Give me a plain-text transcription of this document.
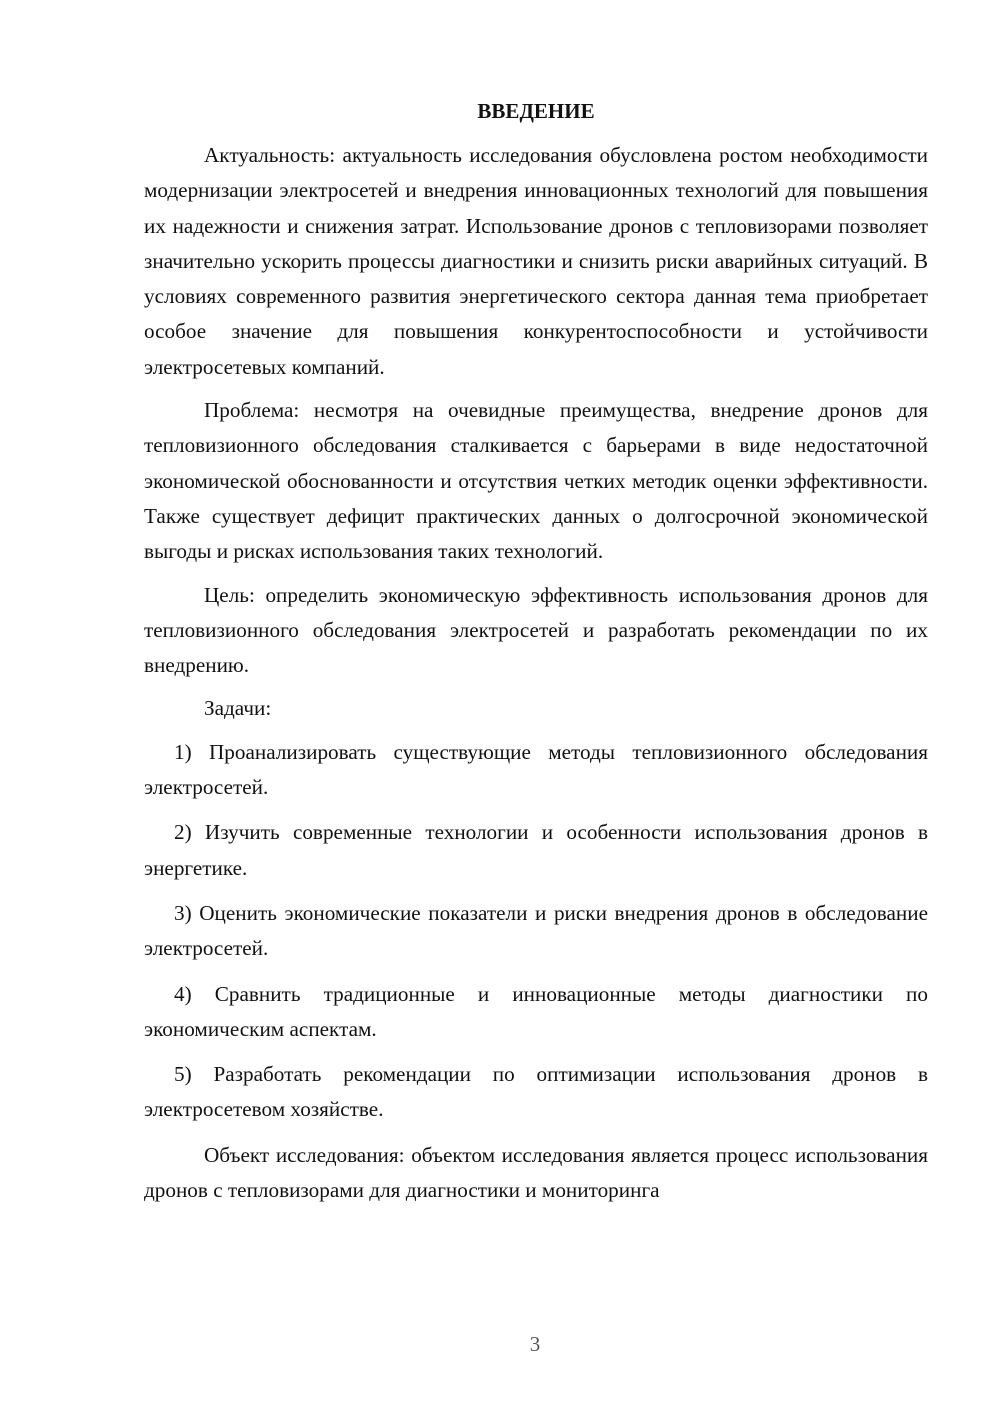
ВВЕДЕНИЕ

Актуальность: актуальность исследования обусловлена ростом необходимости модернизации электросетей и внедрения инновационных технологий для повышения их надежности и снижения затрат. Использование дронов с тепловизорами позволяет значительно ускорить процессы диагностики и снизить риски аварийных ситуаций. В условиях современного развития энергетического сектора данная тема приобретает особое значение для повышения конкурентоспособности и устойчивости электросетевых компаний.

Проблема: несмотря на очевидные преимущества, внедрение дронов для тепловизионного обследования сталкивается с барьерами в виде недостаточной экономической обоснованности и отсутствия четких методик оценки эффективности. Также существует дефицит практических данных о долгосрочной экономической выгоды и рисках использования таких технологий.

Цель: определить экономическую эффективность использования дронов для тепловизионного обследования электросетей и разработать рекомендации по их внедрению.

Задачи:

1) Проанализировать существующие методы тепловизионного обследования электросетей.

2) Изучить современные технологии и особенности использования дронов в энергетике.

3) Оценить экономические показатели и риски внедрения дронов в обследование электросетей.

4) Сравнить традиционные и инновационные методы диагностики по экономическим аспектам.

5) Разработать рекомендации по оптимизации использования дронов в электросетевом хозяйстве.

Объект исследования: объектом исследования является процесс использования дронов с тепловизорами для диагностики и мониторинга

3
